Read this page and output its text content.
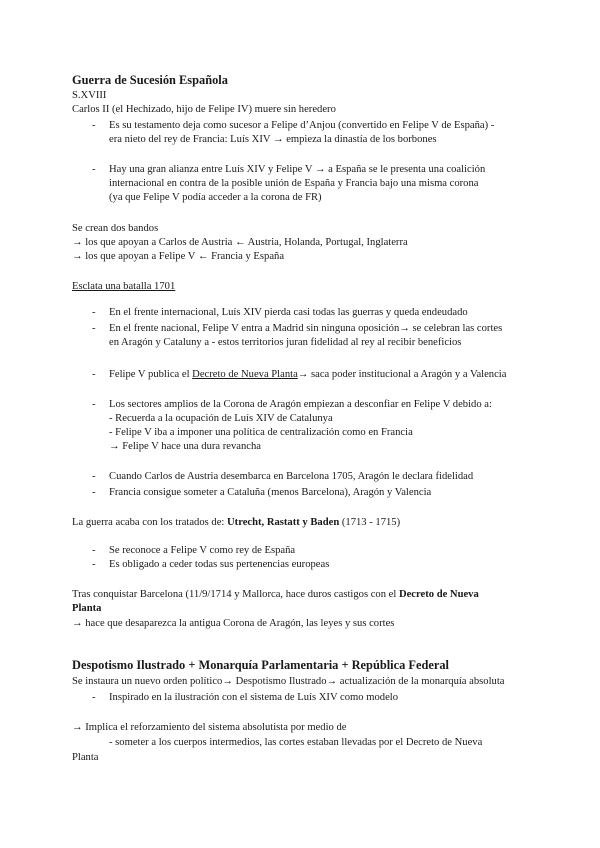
Guerra de Sucesión Española
S.XVIII
Carlos II (el Hechizado, hijo de Felipe IV) muere sin heredero
- Es su testamento deja como sucesor a Felipe d’Anjou (convertido en Felipe V de España) -
era nieto del rey de Francia: Luís XIV → empieza la dinastía de los borbones
- Hay una gran alianza entre Luís XIV y Felipe V → a España se le presenta una coalición
internacional en contra de la posible unión de España y Francia bajo una misma corona
(ya que Felipe V podía acceder a la corona de FR)
Se crean dos bandos
→ los que apoyan a Carlos de Austria ← Austria, Holanda, Portugal, Inglaterra
→ los que apoyan a Felipe V ← Francia y España
Esclata una batalla 1701
- En el frente internacional, Luís XIV pierda casi todas las guerras y queda endeudado
- En el frente nacional, Felipe V entra a Madrid sin ninguna oposición→ se celebran las cortes
en Aragón y Cataluny a - estos territorios juran fidelidad al rey al recibir beneficios
- Felipe V publica el Decreto de Nueva Planta→ saca poder institucional a Aragón y a Valencia
- Los sectores amplios de la Corona de Aragón empiezan a desconfiar en Felipe V debido a:
- Recuerda a la ocupación de Luís XIV de Catalunya
- Felipe V iba a imponer una política de centralización como en Francia
→ Felipe V hace una dura revancha
- Cuando Carlos de Austria desembarca en Barcelona 1705, Aragón le declara fidelidad
- Francia consigue someter a Cataluña (menos Barcelona), Aragón y Valencia
La guerra acaba con los tratados de: Utrecht, Rastatt y Baden (1713 - 1715)
- Se reconoce a Felipe V como rey de España
- Es obligado a ceder todas sus pertenencias europeas
Tras conquistar Barcelona (11/9/1714 y Mallorca, hace duros castigos con el Decreto de Nueva
Planta
→ hace que desaparezca la antigua Corona de Aragón, las leyes y sus cortes
Despotismo Ilustrado + Monarquía Parlamentaria + República Federal
Se instaura un nuevo orden político→ Despotismo Ilustrado→ actualización de la monarquía absoluta
- Inspirado en la ilustración con el sistema de Luís XIV como modelo
→ Implica el reforzamiento del sistema absolutista por medio de
- someter a los cuerpos intermedios, las cortes estaban llevadas por el Decreto de Nueva
Planta
